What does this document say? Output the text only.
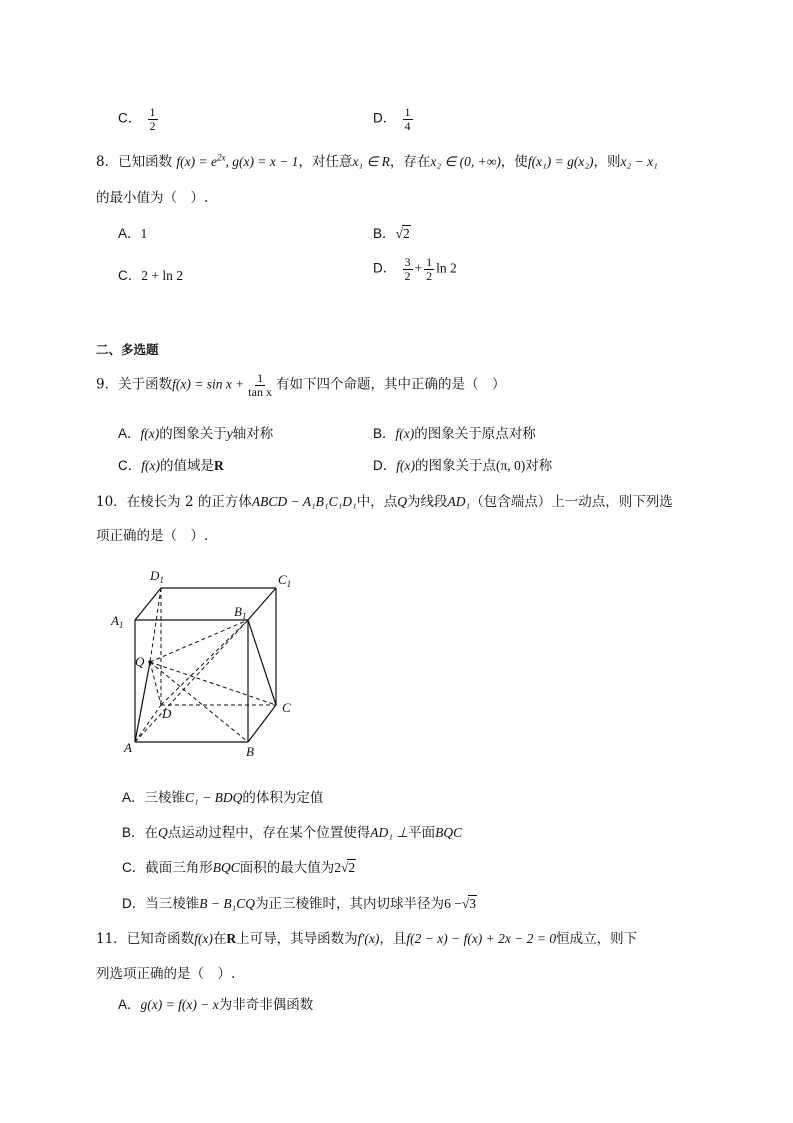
C． $\frac{1}{2}$	D． $\frac{1}{4}$
8．已知函数 $f(x) = e^{2x}$, g(x) = x − 1，对任意x₁ ∈ R，存在x₂ ∈ (0, +∞)，使f(x₁) = g(x₂)，则x₂ − x₁
的最小值为（　）.
A．1	B．√2
C．2 + ln 2	D． $\frac{3}{2} + \frac{1}{2}$ ln 2
二、多选题
9．关于函数$f(x) = \sin x + \frac{1}{\text{tan x}}$ 有如下四个命题，其中正确的是（　）
A．f(x)的图象关于y轴对称	B．f(x)的图象关于原点对称
C．f(x)的值域是R	D．f(x)的图象关于点(π, 0)对称
10．在棱长为 2 的正方体ABCD − A₁B₁C₁D₁中，点Q为线段AD₁（包含端点）上一动点，则下列选
项正确的是（　）.
$D_1$	$C_1$
$A_1$
$B_1$
Q
D	C
A	B
A．三棱锥C₁ − BDQ的体积为定值
B．在Q点运动过程中，存在某个位置使得AD₁ ⊥平面BQC
C．截面三角形BQC面积的最大值为2√2
D．当三棱锥B − B₁CQ为正三棱锥时，其内切球半径为6 −√3
11．已知奇函数f(x)在R上可导，其导函数为f′(x)，且f(2 − x) − f(x) + 2x − 2 = 0恒成立，则下
列选项正确的是（　）.
A．g(x) = f(x) − x为非奇非偶函数
